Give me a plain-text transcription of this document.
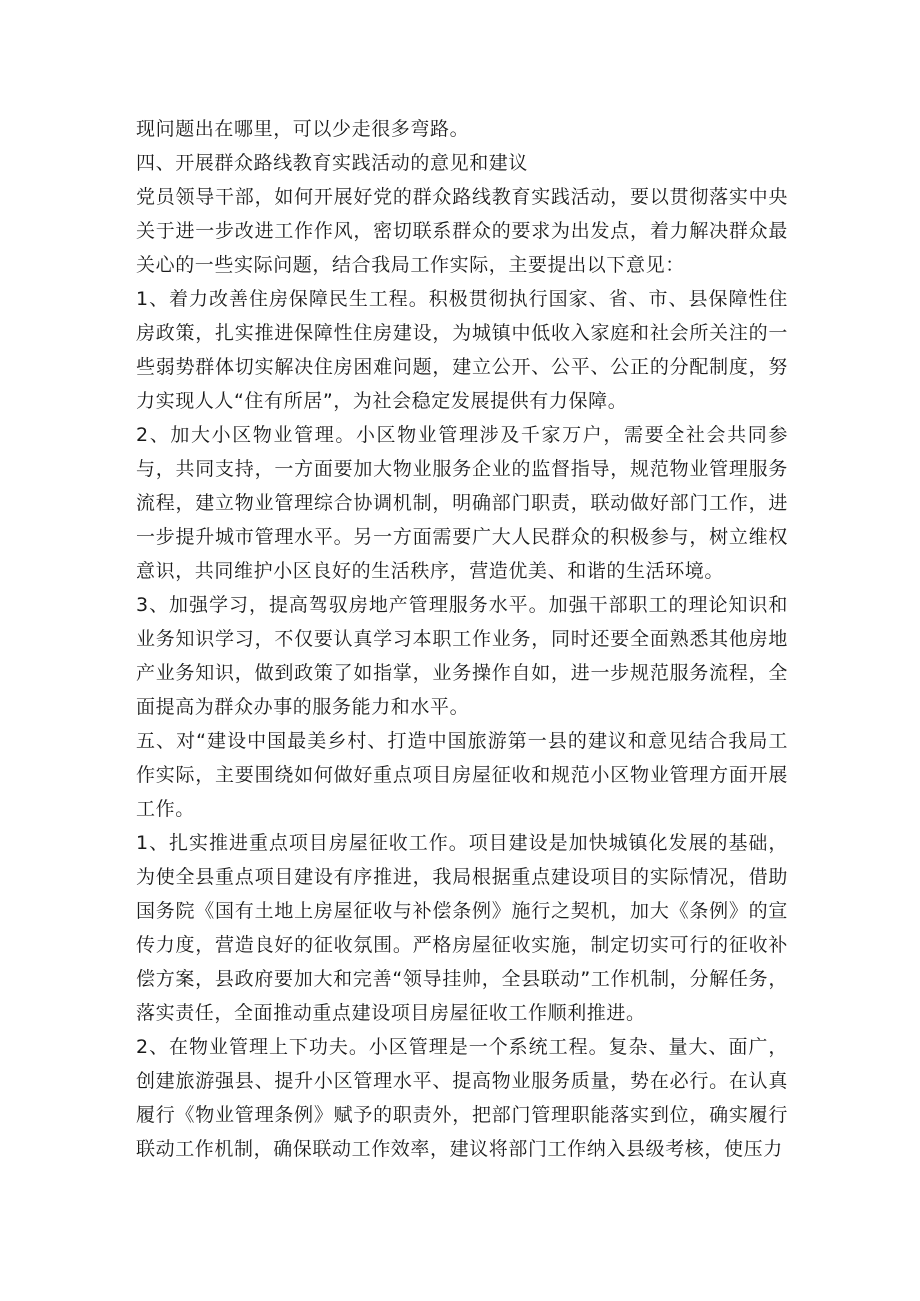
现问题出在哪里，可以少走很多弯路。

四、开展群众路线教育实践活动的意见和建议

党员领导干部，如何开展好党的群众路线教育实践活动，要以贯彻落实中央关于进一步改进工作作风，密切联系群众的要求为出发点，着力解决群众最关心的一些实际问题，结合我局工作实际，主要提出以下意见：

1、着力改善住房保障民生工程。积极贯彻执行国家、省、市、县保障性住房政策，扎实推进保障性住房建设，为城镇中低收入家庭和社会所关注的一些弱势群体切实解决住房困难问题，建立公开、公平、公正的分配制度，努力实现人人“住有所居”，为社会稳定发展提供有力保障。

2、加大小区物业管理。小区物业管理涉及千家万户，需要全社会共同参与，共同支持，一方面要加大物业服务企业的监督指导，规范物业管理服务流程，建立物业管理综合协调机制，明确部门职责，联动做好部门工作，进一步提升城市管理水平。另一方面需要广大人民群众的积极参与，树立维权意识，共同维护小区良好的生活秩序，营造优美、和谐的生活环境。

3、加强学习，提高驾驭房地产管理服务水平。加强干部职工的理论知识和业务知识学习，不仅要认真学习本职工作业务，同时还要全面熟悉其他房地产业务知识，做到政策了如指掌，业务操作自如，进一步规范服务流程，全面提高为群众办事的服务能力和水平。

五、对“建设中国最美乡村、打造中国旅游第一县的建议和意见结合我局工作实际，主要围绕如何做好重点项目房屋征收和规范小区物业管理方面开展工作。

1、扎实推进重点项目房屋征收工作。项目建设是加快城镇化发展的基础，为使全县重点项目建设有序推进，我局根据重点建设项目的实际情况，借助国务院《国有土地上房屋征收与补偿条例》施行之契机，加大《条例》的宣传力度，营造良好的征收氛围。严格房屋征收实施，制定切实可行的征收补偿方案，县政府要加大和完善“领导挂帅，全县联动”工作机制，分解任务，落实责任，全面推动重点建设项目房屋征收工作顺利推进。

2、在物业管理上下功夫。小区管理是一个系统工程。复杂、量大、面广，创建旅游强县、提升小区管理水平、提高物业服务质量，势在必行。在认真履行《物业管理条例》赋予的职责外，把部门管理职能落实到位，确实履行联动工作机制，确保联动工作效率，建议将部门工作纳入县级考核，使压力
